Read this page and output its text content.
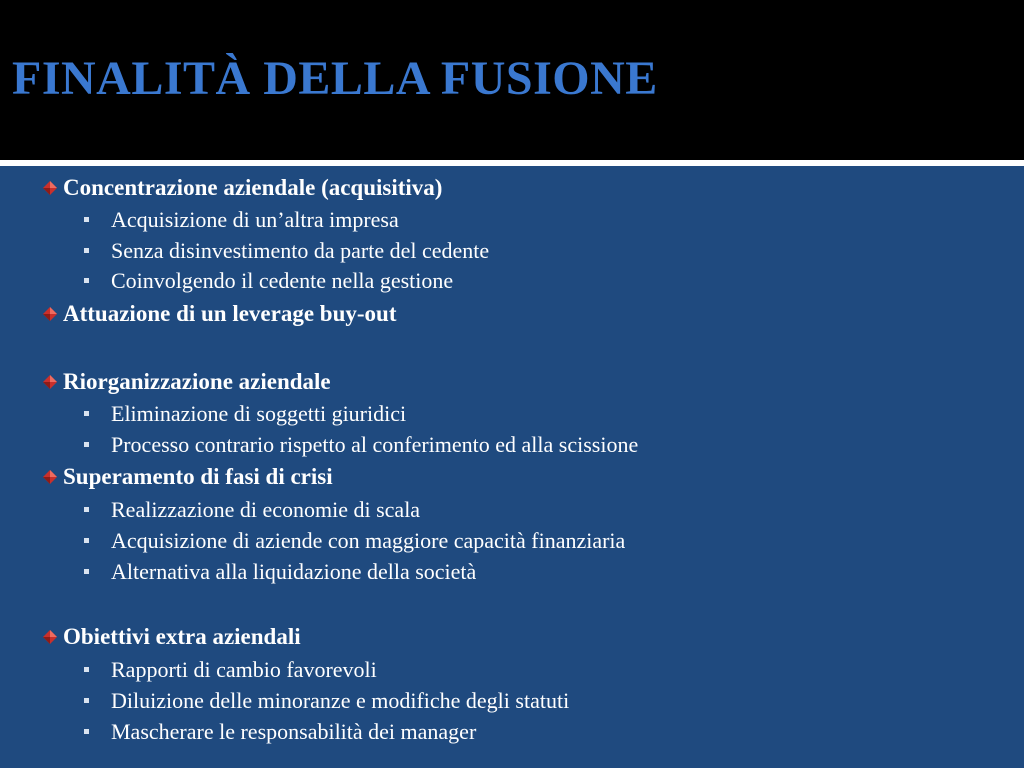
FINALITÀ DELLA FUSIONE
Concentrazione aziendale (acquisitiva)
Acquisizione di un’altra impresa
Senza disinvestimento da parte del cedente
Coinvolgendo il cedente nella gestione
Attuazione di un leverage buy-out
Riorganizzazione aziendale
Eliminazione di soggetti giuridici
Processo contrario rispetto al conferimento ed alla scissione
Superamento di fasi di crisi
Realizzazione di economie di scala
Acquisizione di aziende con maggiore capacità finanziaria
Alternativa alla liquidazione della società
Obiettivi extra aziendali
Rapporti di cambio favorevoli
Diluizione delle minoranze e modifiche degli statuti
Mascherare le responsabilità dei manager
